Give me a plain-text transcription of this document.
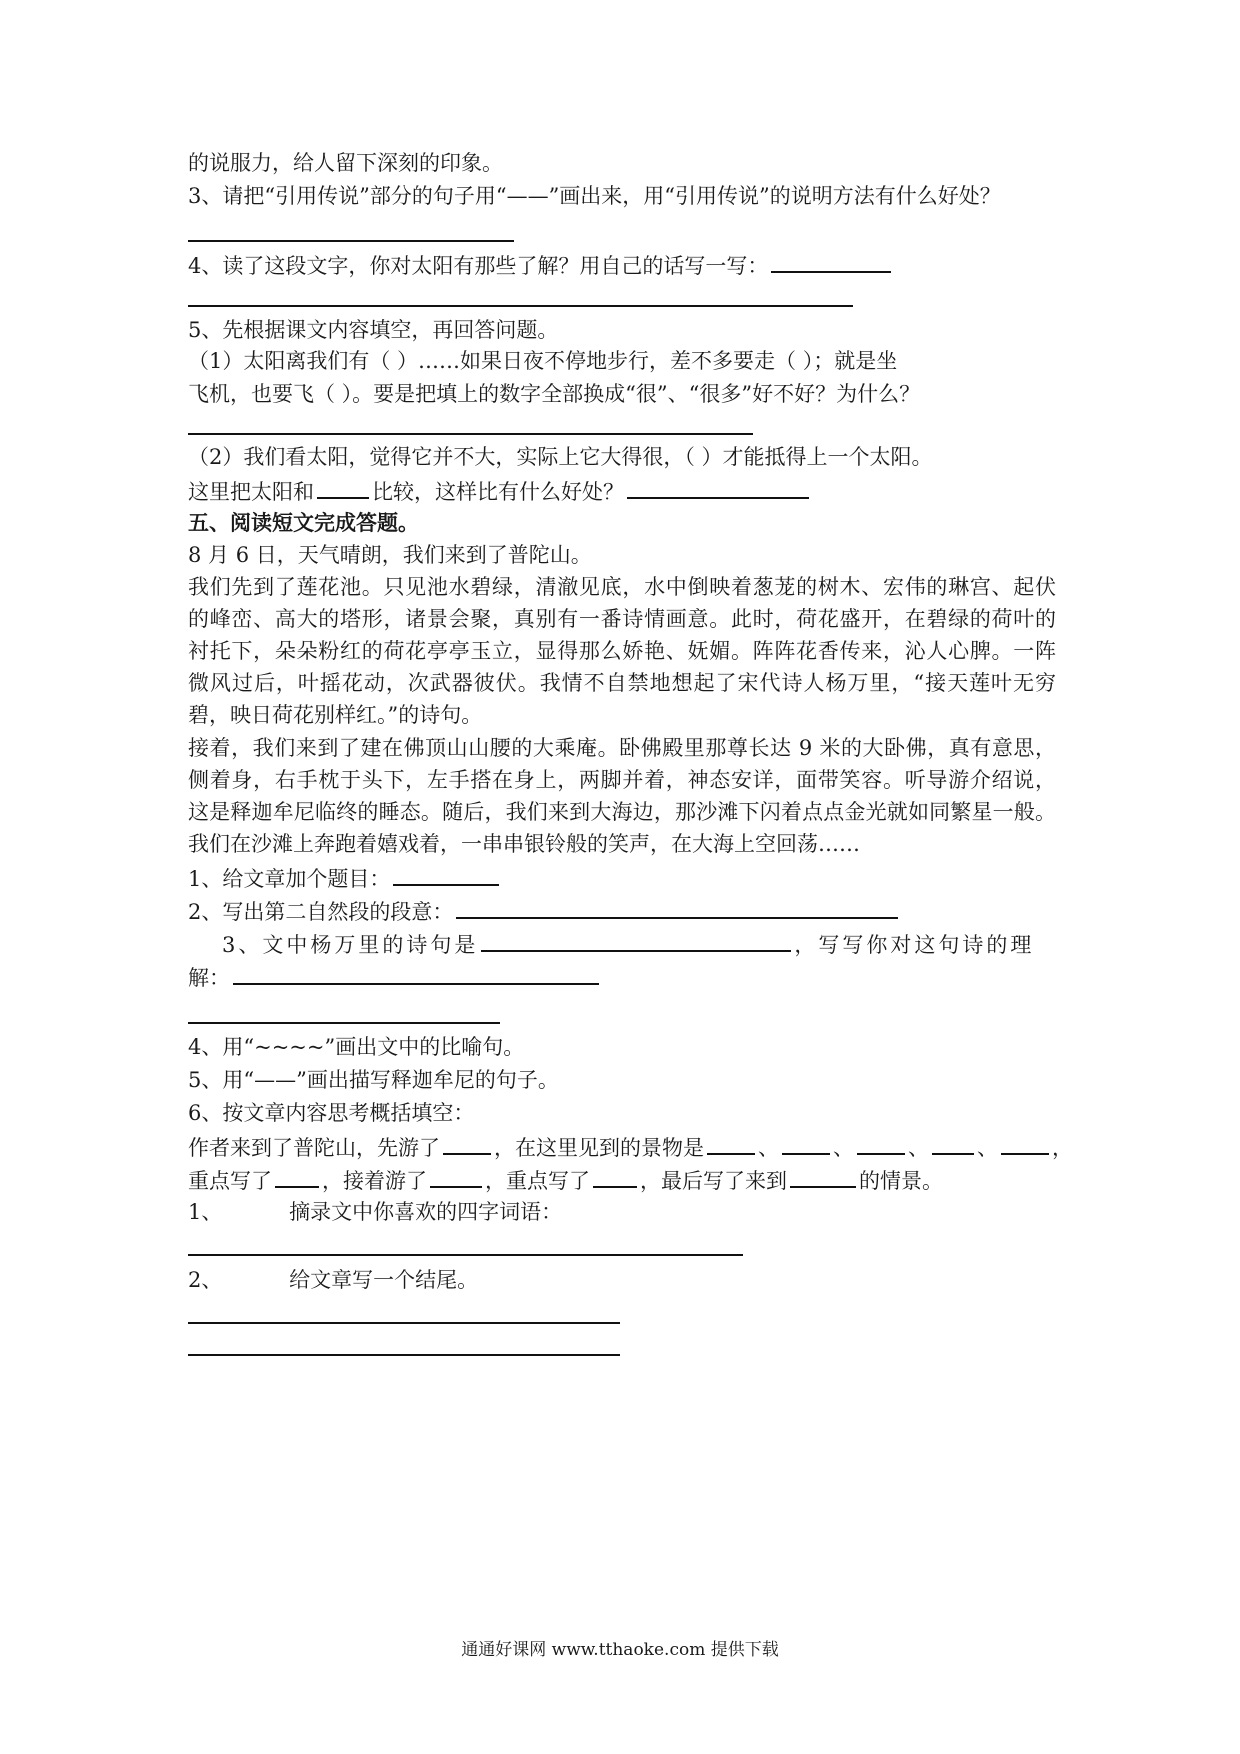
的说服力，给人留下深刻的印象。
3、请把“引用传说”部分的句子用“——”画出来，用“引用传说”的说明方法有什么好处？
4、读了这段文字，你对太阳有那些了解？用自己的话写一写：
5、先根据课文内容填空，再回答问题。
（1）太阳离我们有（ ）……如果日夜不停地步行，差不多要走（ ）；就是坐
飞机，也要飞（ ）。要是把填上的数字全部换成“很”、“很多”好不好？为什么？
（2）我们看太阳，觉得它并不大，实际上它大得很，（ ）才能抵得上一个太阳。
这里把太阳和	比较，这样比有什么好处？
五、阅读短文完成答题。
8 月 6 日，天气晴朗，我们来到了普陀山。
我们先到了莲花池。只见池水碧绿，清澈见底，水中倒映着葱茏的树木、宏伟的琳宫、起伏
的峰峦、高大的塔形，诸景会聚，真别有一番诗情画意。此时，荷花盛开，在碧绿的荷叶的
衬托下，朵朵粉红的荷花亭亭玉立，显得那么娇艳、妩媚。阵阵花香传来，沁人心脾。一阵
微风过后，叶摇花动，次武器彼伏。我情不自禁地想起了宋代诗人杨万里，“接天莲叶无穷
碧，映日荷花别样红。”的诗句。
接着，我们来到了建在佛顶山山腰的大乘庵。卧佛殿里那尊长达 9 米的大卧佛，真有意思，
侧着身，右手枕于头下，左手搭在身上，两脚并着，神态安详，面带笑容。听导游介绍说，
这是释迦牟尼临终的睡态。随后，我们来到大海边，那沙滩下闪着点点金光就如同繁星一般。
我们在沙滩上奔跑着嬉戏着，一串串银铃般的笑声，在大海上空回荡……
1、给文章加个题目：
2、写出第二自然段的段意：
3、文中杨万里的诗句是	，写写你对这句诗的理
解：
4、用“~~~~”画出文中的比喻句。
5、用“——”画出描写释迦牟尼的句子。
6、按文章内容思考概括填空：
作者来到了普陀山，先游了	，在这里见到的景物是	、	、	、 、	，
重点写了 ，接着游了	，重点写了 ，最后写了来到	的情景。
1、          摘录文中你喜欢的四字词语：
2、          给文章写一个结尾。
通通好课网 www.tthaoke.com 提供下载
